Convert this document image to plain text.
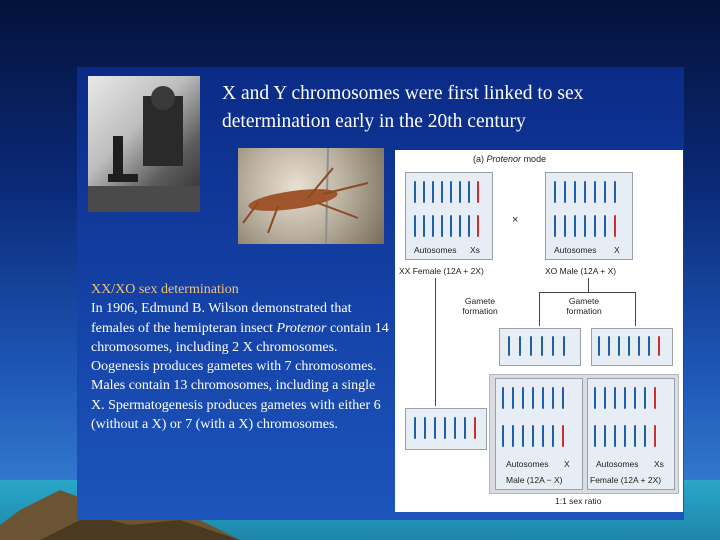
X and Y chromosomes were first linked to sex determination early in the 20th century
XX/XO sex determination
In 1906, Edmund B. Wilson demonstrated that females of the hemipteran insect Protenor contain 14 chromosomes, including 2 X chromosomes. Oogenesis produces gametes with 7 chromosomes. Males contain 13 chromosomes, including a single X. Spermatogenesis produces gametes with either 6 (without a X) or 7 (with a X) chromosomes.
(a) Protenor mode
Autosomes Xs
×
Autosomes X
XX Female (12A + 2X)	XO Male (12A + X)
Gamete formation
Gamete formation
Autosomes X
Male (12A − X)
Autosomes Xs
Female (12A + 2X)
1:1 sex ratio
